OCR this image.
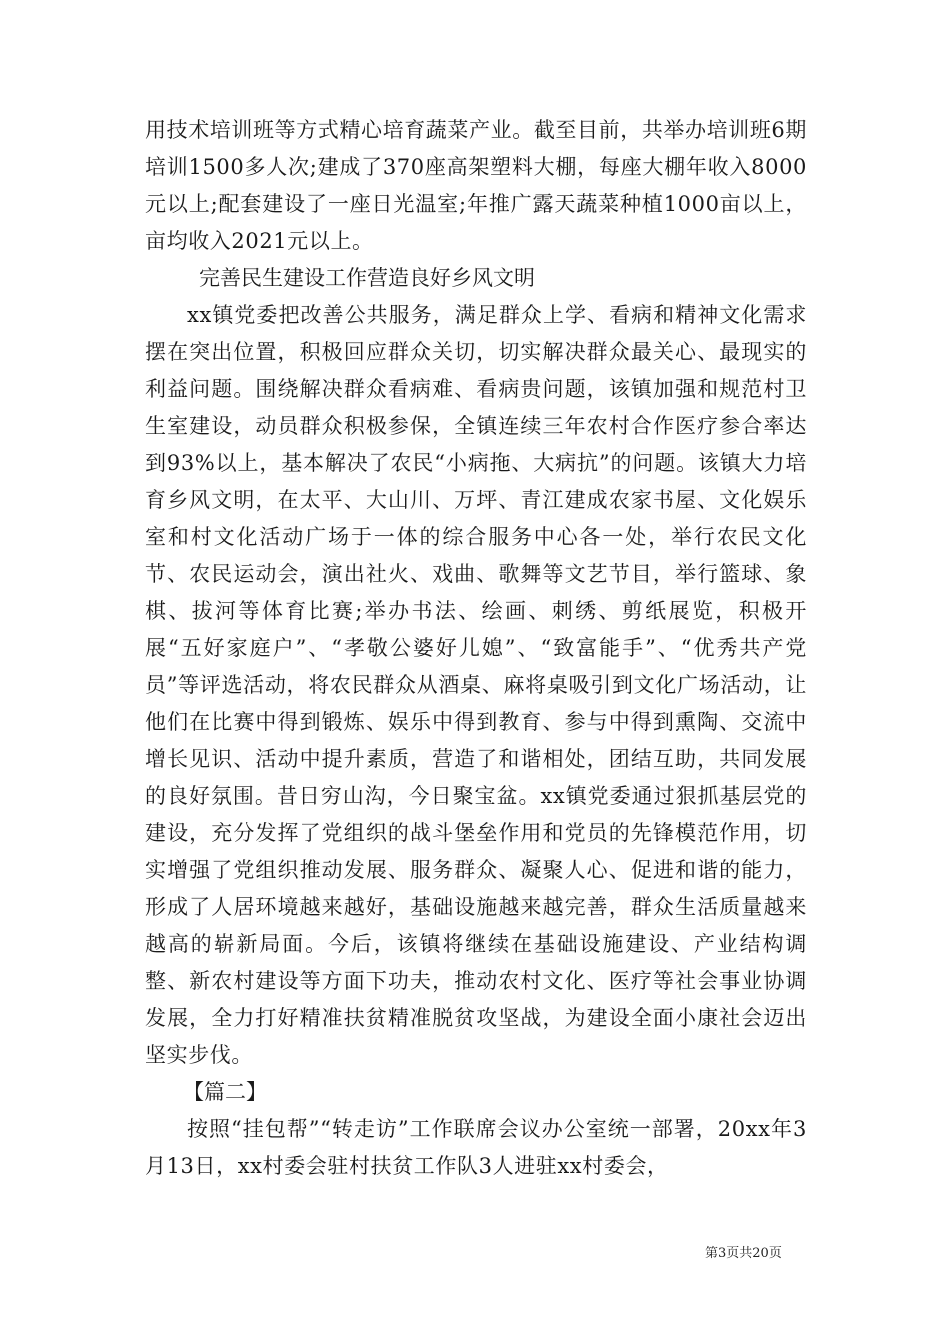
用技术培训班等方式精心培育蔬菜产业。截至目前，共举办培训班6期培训1500多人次;建成了370座高架塑料大棚，每座大棚年收入8000元以上;配套建设了一座日光温室;年推广露天蔬菜种植1000亩以上，亩均收入2021元以上。

完善民生建设工作营造良好乡风文明

xx镇党委把改善公共服务，满足群众上学、看病和精神文化需求摆在突出位置，积极回应群众关切，切实解决群众最关心、最现实的利益问题。围绕解决群众看病难、看病贵问题，该镇加强和规范村卫生室建设，动员群众积极参保，全镇连续三年农村合作医疗参合率达到93%以上，基本解决了农民“小病拖、大病抗”的问题。该镇大力培育乡风文明，在太平、大山川、万坪、青江建成农家书屋、文化娱乐室和村文化活动广场于一体的综合服务中心各一处，举行农民文化节、农民运动会，演出社火、戏曲、歌舞等文艺节目，举行篮球、象棋、拔河等体育比赛;举办书法、绘画、刺绣、剪纸展览，积极开展“五好家庭户”、“孝敬公婆好儿媳”、“致富能手”、“优秀共产党员”等评选活动，将农民群众从酒桌、麻将桌吸引到文化广场活动，让他们在比赛中得到锻炼、娱乐中得到教育、参与中得到熏陶、交流中增长见识、活动中提升素质，营造了和谐相处，团结互助，共同发展的良好氛围。昔日穷山沟，今日聚宝盆。xx镇党委通过狠抓基层党的建设，充分发挥了党组织的战斗堡垒作用和党员的先锋模范作用，切实增强了党组织推动发展、服务群众、凝聚人心、促进和谐的能力，形成了人居环境越来越好，基础设施越来越完善，群众生活质量越来越高的崭新局面。今后，该镇将继续在基础设施建设、产业结构调整、新农村建设等方面下功夫，推动农村文化、医疗等社会事业协调发展，全力打好精准扶贫精准脱贫攻坚战，为建设全面小康社会迈出坚实步伐。

【篇二】

按照“挂包帮”“转走访”工作联席会议办公室统一部署，20xx年3月13日，xx村委会驻村扶贫工作队3人进驻xx村委会，

第3页共20页
